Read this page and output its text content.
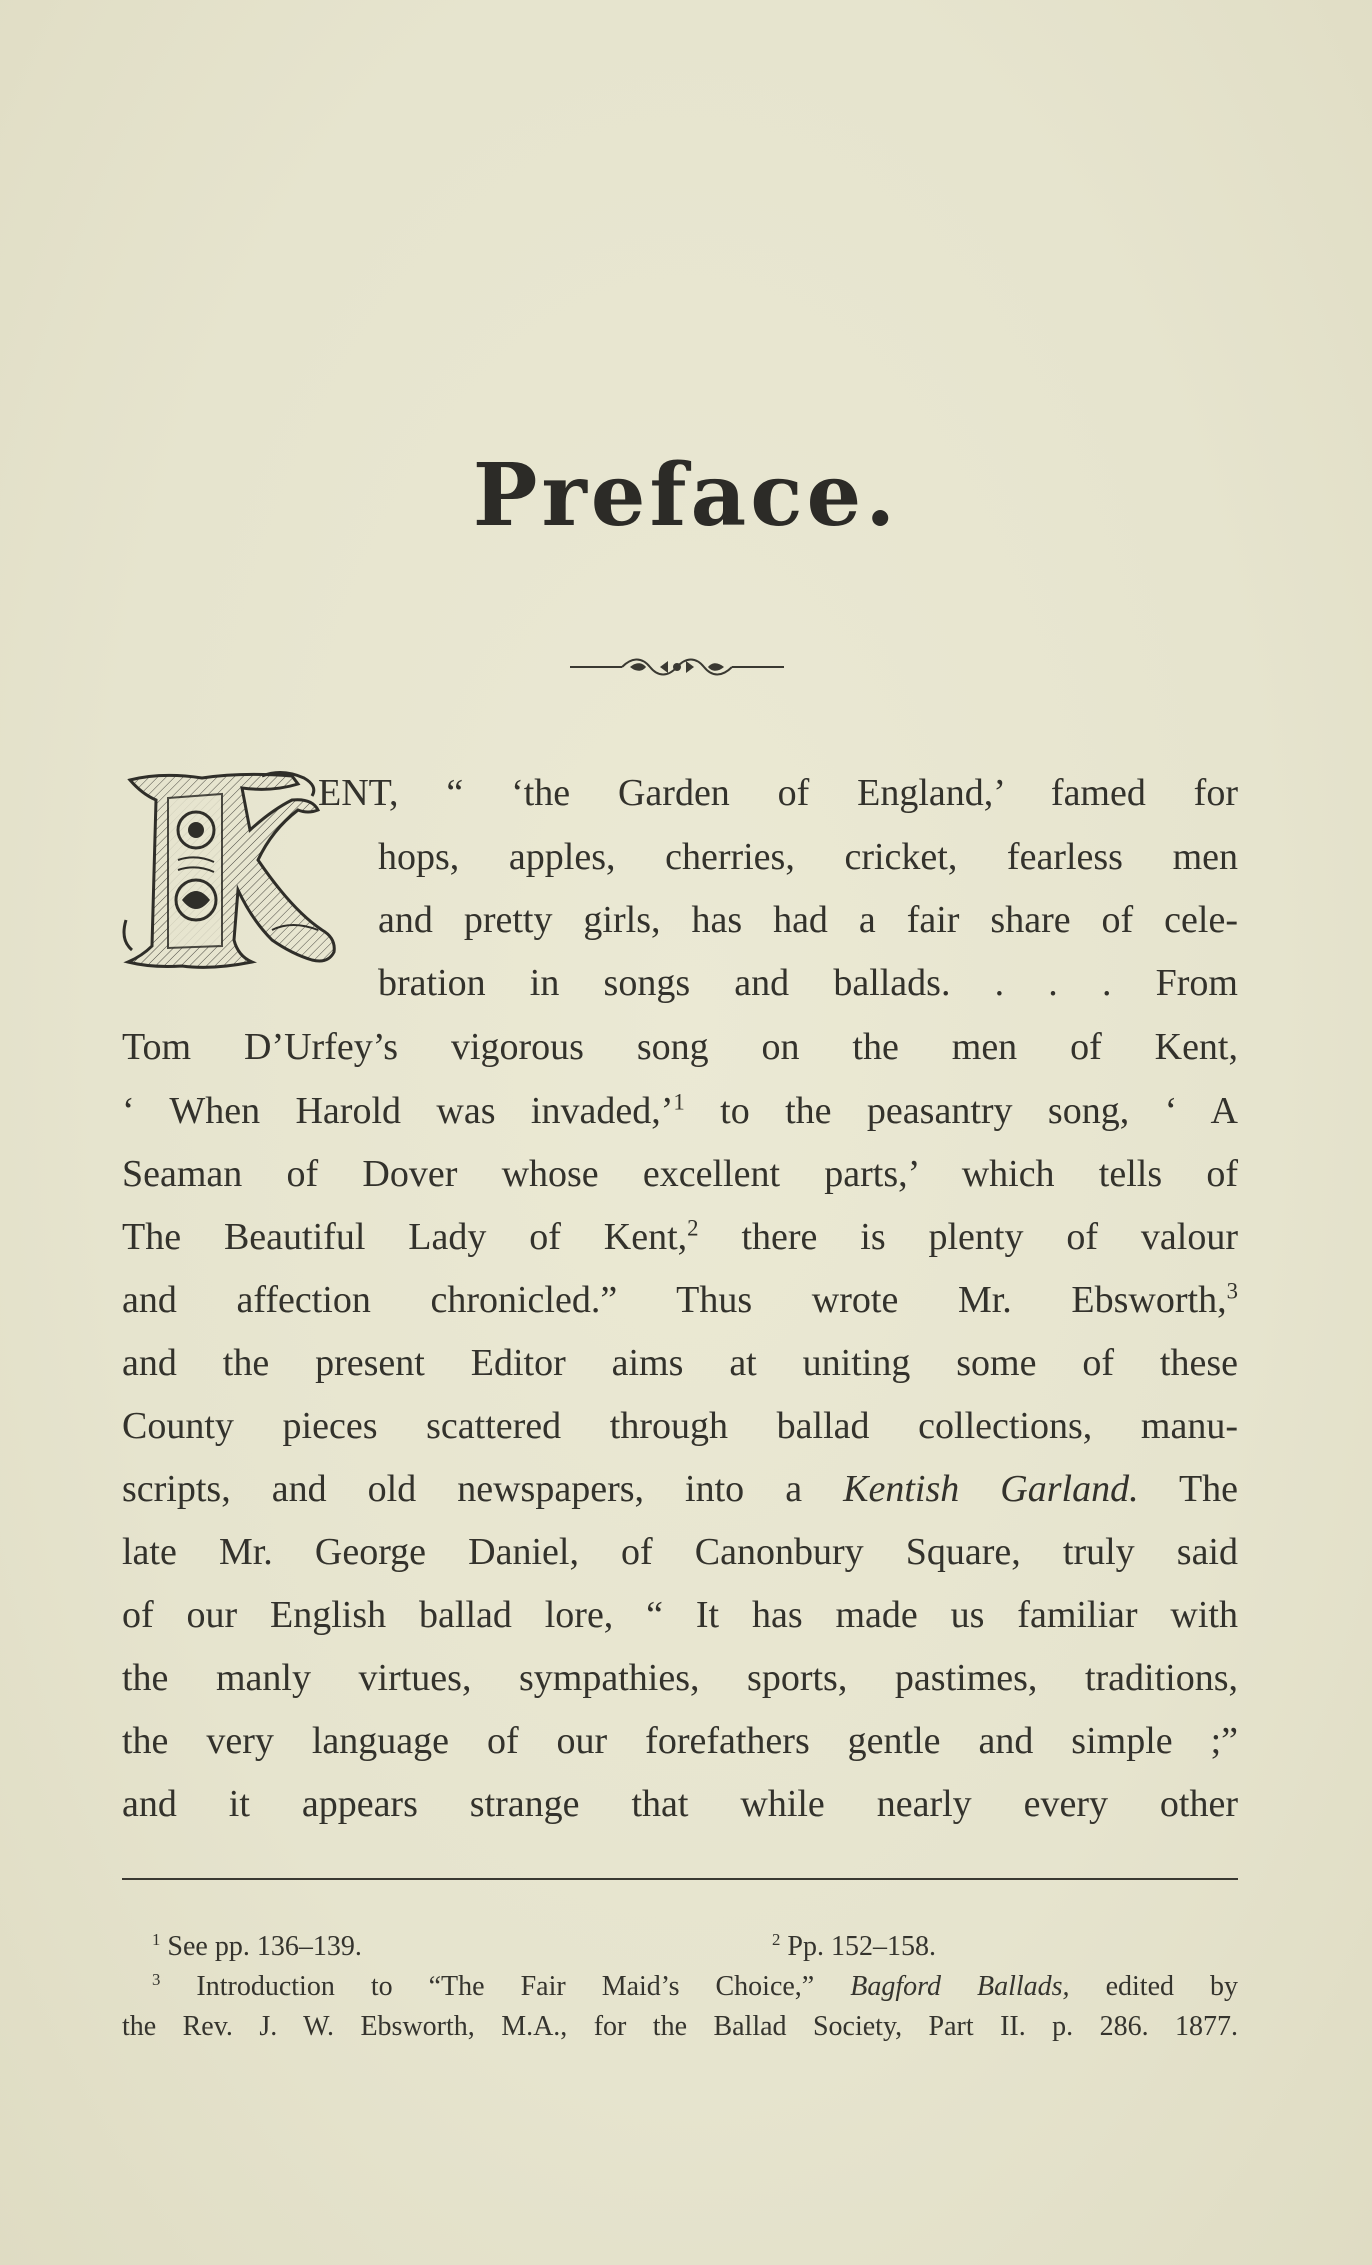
Preface.
ENT, “ ‘the Garden of England,’ famed for
hops, apples, cherries, cricket, fearless men
and pretty girls, has had a fair share of cele-
bration in songs and ballads. . . . From
Tom D’Urfey’s vigorous song on the men of Kent,
‘ When Harold was invaded,’$^1$ to the peasantry song, ‘ A
Seaman of Dover whose excellent parts,’ which tells of
The Beautiful Lady of Kent,$^2$ there is plenty of valour
and affection chronicled.” Thus wrote Mr. Ebsworth,$^3$
and the present Editor aims at uniting some of these
County pieces scattered through ballad collections, manu-
scripts, and old newspapers, into a Kentish Garland. The
late Mr. George Daniel, of Canonbury Square, truly said
of our English ballad lore, “ It has made us familiar with
the manly virtues, sympathies, sports, pastimes, traditions,
the very language of our forefathers gentle and simple ;”
and it appears strange that while nearly every other
$^1$ See pp. 136–139.	$^2$ Pp. 152–158.
$^3$ Introduction to “The Fair Maid’s Choice,” Bagford Ballads, edited by
the Rev. J. W. Ebsworth, M.A., for the Ballad Society, Part II. p. 286. 1877.
